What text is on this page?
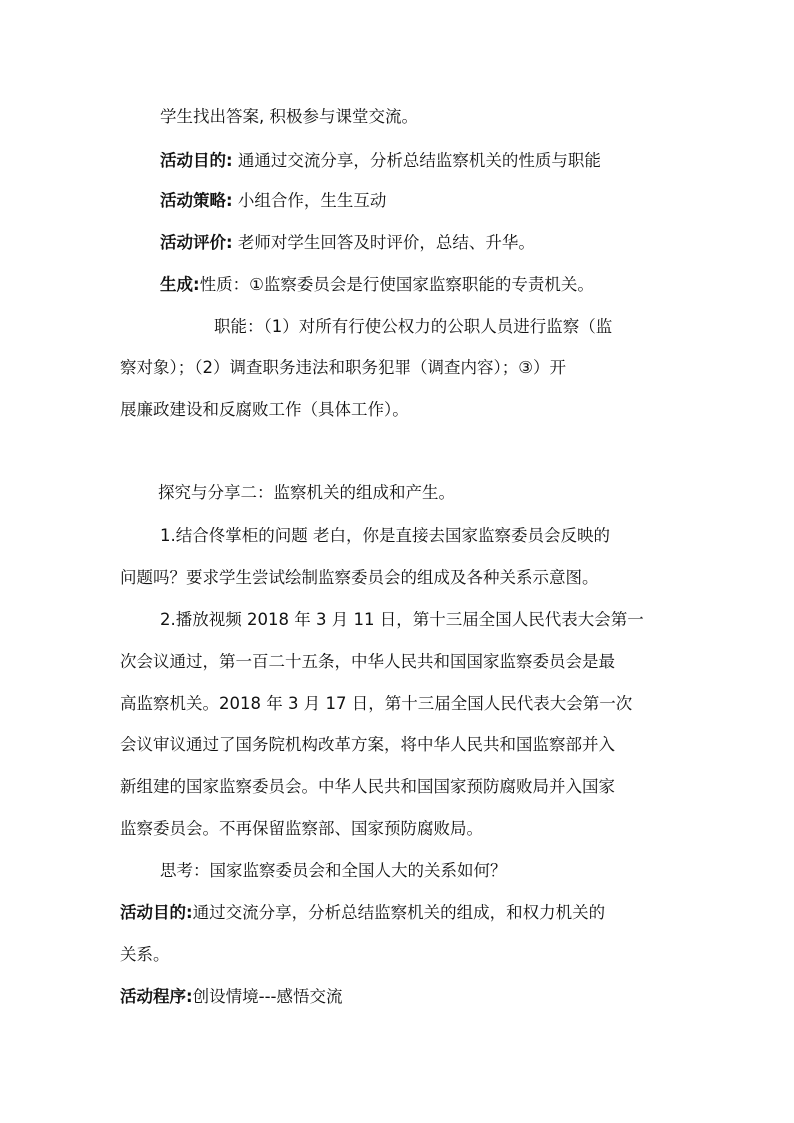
学生找出答案, 积极参与课堂交流。
活动目的: 通通过交流分享，分析总结监察机关的性质与职能
活动策略: 小组合作，生生互动
活动评价: 老师对学生回答及时评价，总结、升华。
生成:性质：①监察委员会是行使国家监察职能的专责机关。
职能：（1）对所有行使公权力的公职人员进行监察（监
察对象）；（2）调查职务违法和职务犯罪（调查内容）；③）开
展廉政建设和反腐败工作（具体工作）。
探究与分享二：监察机关的组成和产生。
1.结合佟掌柜的问题 老白，你是直接去国家监察委员会反映的
问题吗？要求学生尝试绘制监察委员会的组成及各种关系示意图。
2.播放视频 2018 年 3 月 11 日，第十三届全国人民代表大会第一
次会议通过，第一百二十五条，中华人民共和国国家监察委员会是最
高监察机关。2018 年 3 月 17 日，第十三届全国人民代表大会第一次
会议审议通过了国务院机构改革方案，将中华人民共和国监察部并入
新组建的国家监察委员会。中华人民共和国国家预防腐败局并入国家
监察委员会。不再保留监察部、国家预防腐败局。
思考：国家监察委员会和全国人大的关系如何？
活动目的:通过交流分享，分析总结监察机关的组成，和权力机关的
关系。
活动程序:创设情境---感悟交流
